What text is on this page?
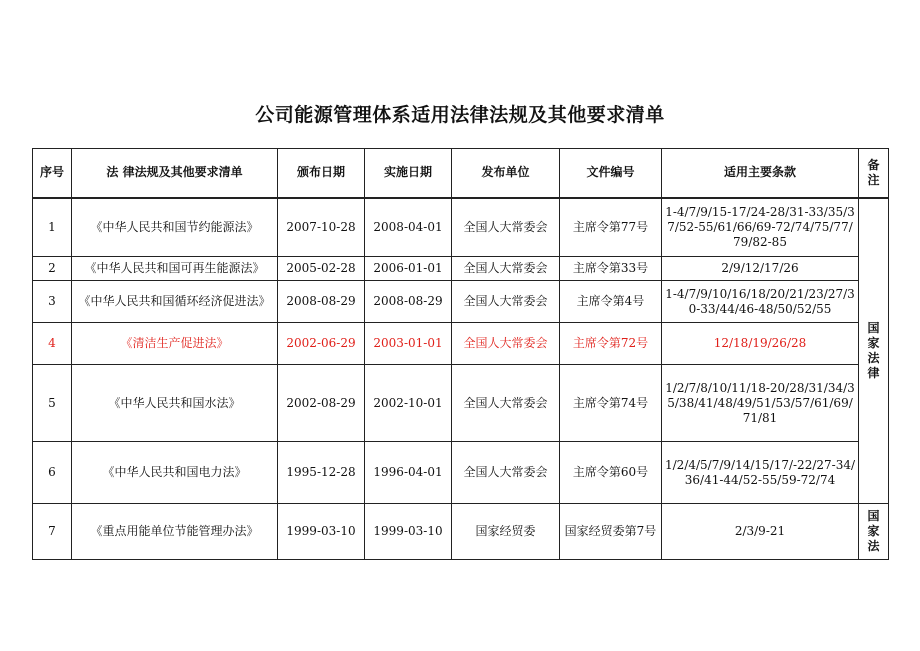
公司能源管理体系适用法律法规及其他要求清单
序号	法 律法规及其他要求清单	颁布日期	实施日期	发布单位	文件编号	适用主要条款	备注
1	《中华人民共和国节约能源法》	2007-10-28	2008-04-01	全国人大常委会	主席令第77号	1-4/7/9/15-17/24-28/31-33/35/37/52-55/61/66/69-72/74/75/77/79/82-85	国家法律
2	《中华人民共和国可再生能源法》	2005-02-28	2006-01-01	全国人大常委会	主席令第33号	2/9/12/17/26	
3	《中华人民共和国循环经济促进法》	2008-08-29	2008-08-29	全国人大常委会	主席令第4号	1-4/7/9/10/16/18/20/21/23/27/30-33/44/46-48/50/52/55	
4	《清洁生产促进法》	2002-06-29	2003-01-01	全国人大常委会	主席令第72号	12/18/19/26/28	
5	《中华人民共和国水法》	2002-08-29	2002-10-01	全国人大常委会	主席令第74号	1/2/7/8/10/11/18-20/28/31/34/35/38/41/48/49/51/53/57/61/69/ 71/81	
6	《中华人民共和国电力法》	1995-12-28	1996-04-01	全国人大常委会	主席令第60号	1/2/4/5/7/9/14/15/17/-22/27-34/36/41-44/52-55/59-72/74	
7	《重点用能单位节能管理办法》	1999-03-10	1999-03-10	国家经贸委	国家经贸委第7号	2/3/9-21	国家法
